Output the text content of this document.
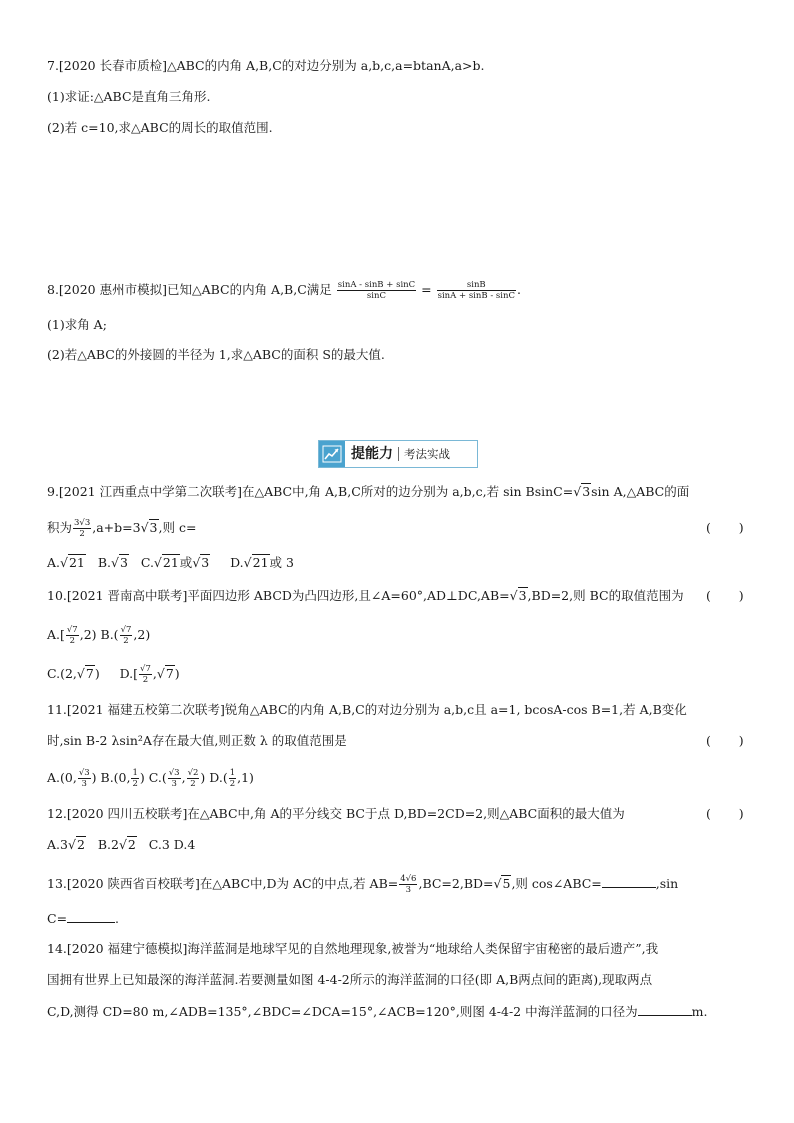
7.[2020 长春市质检]△ABC的内角 A,B,C的对边分别为 a,b,c,a=btanA,a>b.
(1)求证:△ABC是直角三角形.
(2)若 c=10,求△ABC的周长的取值范围.
8.[2020 惠州市模拟]已知△ABC的内角 A,B,C满足 $\frac{\sin A - \sin B + \sin C}{\sin C} = \frac{\sin B}{\sin A + \sin B - \sin C}$ .
(1)求角 A;
(2)若△ABC的外接圆的半径为 1,求△ABC的面积 S的最大值.
提能力 考法实战
9.[2021 江西重点中学第二次联考]在△ABC中,角 A,B,C所对的边分别为 a,b,c,若 sin BsinC=√3sin A,△ABC的面
积为 $\frac{3√3}{2} ,a+b=3√3$,则 c=	(       )
A.√21 B.√3 C.√21或√3 D.√21或 3
10.[2021 晋南高中联考]平面四边形 ABCD为凸四边形,且∠A=60°,AD⊥DC,AB=√3,BD=2,则 BC的取值范围为 (       )
$A.[ \frac{√7}{2} ,2)$ $B.( \frac{√7}{2} ,2)$
C.(2,√7) $D.[ \frac{√7}{2} ,√7)$
11.[2021 福建五校第二次联考]锐角△ABC的内角 A,B,C的对边分别为 a,b,c且 a=1, bcosA-cos B=1,若 A,B变化
时,sin B-2 λsin²A存在最大值,则正数 λ 的取值范围是	(       )
A.(0, $\frac{√3}{3}$ ) B.(0, $\frac{1}{2}$ ) $C.( \frac{√3}{3}$ , $\frac{√2}{2}$ ) $D.( \frac{1}{2} ,1)$
12.[2020 四川五校联考]在△ABC中,角 A的平分线交 BC于点 D,BD=2CD=2,则△ABC面积的最大值为	(       )
A.3√2 B.2√2 C.3 D.4
13.[2020 陕西省百校联考]在△ABC中,D为 AC的中点,若 $AB= \frac{4√6}{3} ,BC=2,BD=√5$,则 cos∠ABC=	,sin
C=	.
14.[2020 福建宁德模拟]海洋蓝洞是地球罕见的自然地理现象,被誉为“地球给人类保留宇宙秘密的最后遗产”,我
国拥有世界上已知最深的海洋蓝洞.若要测量如图 4-4-2所示的海洋蓝洞的口径(即 A,B两点间的距离),现取两点
C,D,测得 CD=80 m,∠ADB=135°,∠BDC=∠DCA=15°,∠ACB=120°,则图 4-4-2 中海洋蓝洞的口径为	m.
